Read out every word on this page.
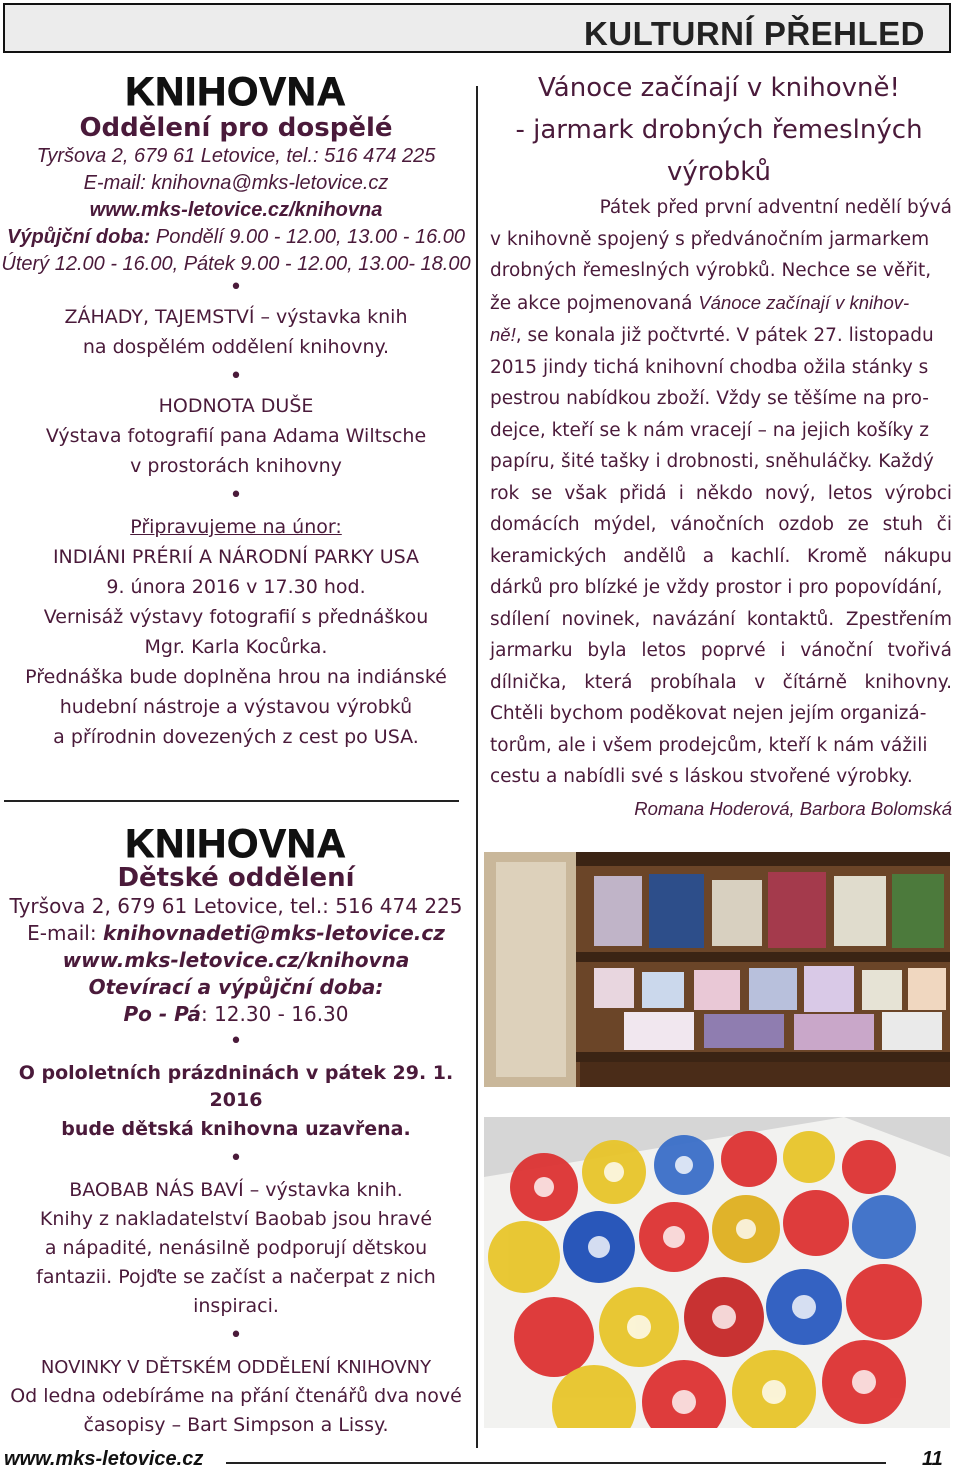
KULTURNÍ PŘEHLED

KNIHOVNA

Oddělení pro dospělé

Tyršova 2, 679 61 Letovice, tel.: 516 474 225

E-mail: knihovna@mks-letovice.cz

www.mks-letovice.cz/knihovna

Výpůjční doba: Pondělí 9.00 - 12.00, 13.00 - 16.00

Úterý 12.00 - 16.00, Pátek 9.00 - 12.00, 13.00- 18.00

•

ZÁHADY, TAJEMSTVÍ – výstavka knih

na dospělém oddělení knihovny.

•

HODNOTA DUŠE

Výstava fotografií pana Adama Wiltsche

v prostorách knihovny

•

Připravujeme na únor:

INDIÁNI PRÉRIÍ A NÁRODNÍ PARKY USA

9. února 2016 v 17.30 hod.

Vernisáž výstavy fotografií s přednáškou

Mgr. Karla Kocůrka.

Přednáška bude doplněna hrou na indiánské

hudební nástroje a výstavou výrobků

a přírodnin dovezených z cest po USA.

KNIHOVNA

Dětské oddělení

Tyršova 2, 679 61 Letovice, tel.: 516 474 225

E-mail: knihovnadeti@mks-letovice.cz

www.mks-letovice.cz/knihovna

Otevírací a výpůjční doba:

Po - Pá: 12.30 - 16.30

•

O pololetních prázdninách v pátek 29. 1. 2016

bude dětská knihovna uzavřena.

•

BAOBAB NÁS BAVÍ – výstavka knih.

Knihy z nakladatelství Baobab jsou hravé

a nápadité, nenásilně podporují dětskou

fantazii. Pojďte se začíst a načerpat z nich

inspiraci.

•

NOVINKY V DĚTSKÉM ODDĚLENÍ KNIHOVNY

Od ledna odebíráme na přání čtenářů dva nové

časopisy – Bart Simpson a Lissy.

Vánoce začínají v knihovně!

- jarmark drobných řemeslných

výrobků

Pátek před první adventní nedělí bývá

v knihovně spojený s předvánočním jarmarkem

drobných řemeslných výrobků. Nechce se věřit,

že akce pojmenovaná Vánoce začínají v knihov-

ně!, se konala již počtvrté. V pátek 27. listopadu

2015 jindy tichá knihovní chodba ožila stánky s

pestrou nabídkou zboží. Vždy se těšíme na pro-

dejce, kteří se k nám vracejí – na jejich košíky z

papíru, šité tašky i drobnosti, sněhuláčky. Každý

rok se však přidá i někdo nový, letos výrobci

domácích mýdel, vánočních ozdob ze stuh či

keramických andělů a kachlí. Kromě nákupu

dárků pro blízké je vždy prostor i pro popovídání,

sdílení novinek, navázání kontaktů. Zpestřením

jarmarku byla letos poprvé i vánoční tvořivá

dílnička, která probíhala v čítárně knihovny.

Chtěli bychom poděkovat nejen jejím organizá-

torům, ale i všem prodejcům, kteří k nám vážili

cestu a nabídli své s láskou stvořené výrobky.

Romana Hoderová, Barbora Bolomská

www.mks-letovice.cz	11
